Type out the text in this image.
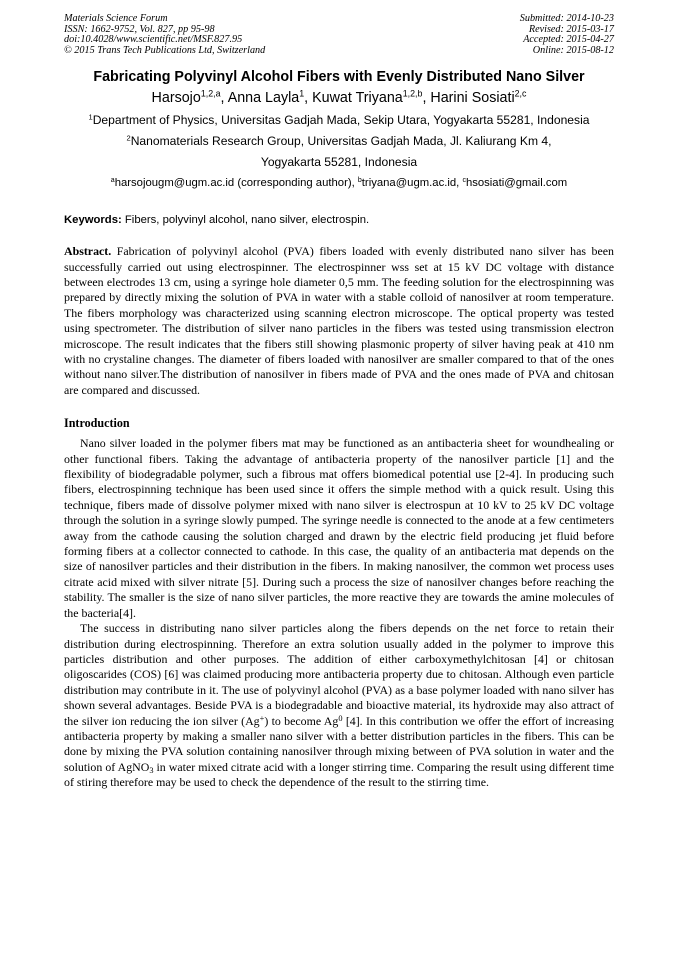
Materials Science Forum
ISSN: 1662-9752, Vol. 827, pp 95-98
doi:10.4028/www.scientific.net/MSF.827.95
© 2015 Trans Tech Publications Ltd, Switzerland
Submitted: 2014-10-23
Revised: 2015-03-17
Accepted: 2015-04-27
Online: 2015-08-12
Fabricating Polyvinyl Alcohol Fibers with Evenly Distributed Nano Silver
Harsojo$^{1,2,a}$, Anna Layla$^1$, Kuwat Triyana$^{1,2,b}$, Harini Sosiati$^{2,c}$
$^1$Department of Physics, Universitas Gadjah Mada, Sekip Utara, Yogyakarta 55281, Indonesia
$^2$Nanomaterials Research Group, Universitas Gadjah Mada, Jl. Kaliurang Km 4,
Yogyakarta 55281, Indonesia
$^a$harsojougm@ugm.ac.id (corresponding author), $^b$triyana@ugm.ac.id, $^c$hsosiati@gmail.com
Keywords: Fibers, polyvinyl alcohol, nano silver, electrospin.
Abstract. Fabrication of polyvinyl alcohol (PVA) fibers loaded with evenly distributed nano silver has been successfully carried out using electrospinner. The electrospinner wss set at 15 kV DC voltage with distance between electrodes 13 cm, using a syringe hole diameter 0,5 mm. The feeding solution for the electrospinning was prepared by directly mixing the solution of PVA in water with a stable colloid of nanosilver at room temperature. The fibers morphology was characterized using scanning electron microscope. The optical property was tested using spectrometer. The distribution of silver nano particles in the fibers was tested using transmission electron microscope. The result indicates that the fibers still showing plasmonic property of silver having peak at 410 nm with no crystaline changes. The diameter of fibers loaded with nanosilver are smaller compared to that of the ones without nano silver.The distribution of nanosilver in fibers made of PVA and the ones made of PVA and chitosan are compared and discussed.
Introduction

Nano silver loaded in the polymer fibers mat may be functioned as an antibacteria sheet for woundhealing or other functional fibers. Taking the advantage of antibacteria property of the nanosilver particle [1] and the flexibility of biodegradable polymer, such a fibrous mat offers biomedical potential use [2-4]. In producing such fibers, electrospinning technique has been used since it offers the simple method with a quick result. Using this technique, fibers made of dissolve polymer mixed with nano silver is electrospun at 10 kV to 25 kV DC voltage through the solution in a syringe slowly pumped. The syringe needle is connected to the anode at a few centimeters away from the cathode causing the solution charged and drawn by the electric field producing jet fluid before forming fibers at a collector connected to cathode. In this case, the quality of an antibacteria mat depends on the size of nanosilver particles and their distribution in the fibers. In making nanosilver, the common wet process uses citrate acid mixed with silver nitrate [5]. During such a process the size of nanosilver changes before reaching the stability. The smaller is the size of nano silver particles, the more reactive they are towards the amine molecules of the bacteria[4].

The success in distributing nano silver particles along the fibers depends on the net force to retain their distribution during electrospinning. Therefore an extra solution usually added in the polymer to improve this particles distribution and other purposes. The addition of either carboxymethylchitosan [4] or chitosan oligoscarides (COS) [6] was claimed producing more antibacteria property due to chitosan. Although even particle distribution may contribute in it. The use of polyvinyl alcohol (PVA) as a base polymer loaded with nano silver has shown several advantages. Beside PVA is a biodegradable and bioactive material, its hydroxide may also attract of the silver ion reducing the ion silver (Ag+) to become Ag$^0$ [4]. In this contribution we offer the effort of increasing antibacteria property by making a smaller nano silver with a better distribution particles in the fibers. This can be done by mixing the PVA solution containing nanosilver through mixing between of PVA solution in water and the solution of AgNO$_3$ in water mixed citrate acid with a longer stirring time. Comparing the result using different time of stiring therefore may be used to check the dependence of the result to the stirring time.
